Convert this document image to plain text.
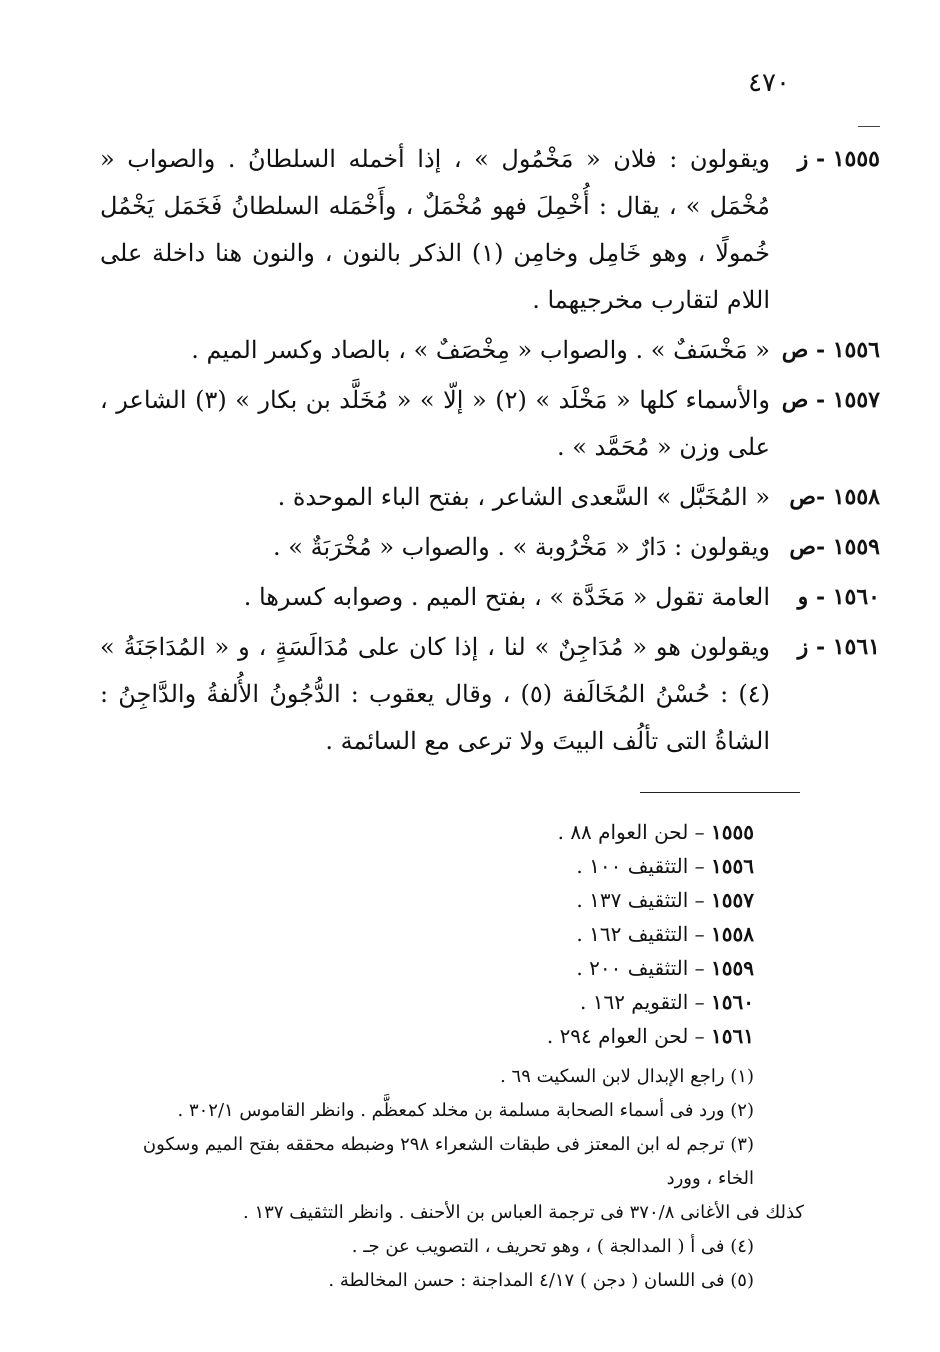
٤٧٠
١٥٥٥ - ز
ويقولون : فلان « مَخْمُول » ، إذا أخمله السلطانُ . والصواب « مُخْمَل » ، يقال : أُخْمِلَ فهو مُخْمَلٌ ، وأَخْمَله السلطانُ فَخَمَل يَخْمُل خُمولًا ، وهو خَامِل وخامِن (١) الذكر بالنون ، والنون هنا داخلة على اللام لتقارب مخرجيهما .
١٥٥٦ - ص
« مَخْسَفٌ » . والصواب « مِخْصَفٌ » ، بالصاد وكسر الميم .
١٥٥٧ - ص
والأسماء كلها « مَخْلَد » (٢) « إلّا » « مُخَلَّد بن بكار » (٣) الشاعر ، على وزن « مُحَمَّد » .
١٥٥٨ -ص
« المُخَبَّل » السَّعدى الشاعر ، بفتح الباء الموحدة .
١٥٥٩ -ص
ويقولون : دَارٌ « مَخْرُوبة » . والصواب « مُخْرَبَةٌ » .
١٥٦٠ - و
العامة تقول « مَخَدَّة » ، بفتح الميم . وصوابه كسرها .
١٥٦١ - ز
ويقولون هو « مُدَاجِنٌ » لنا ، إذا كان على مُدَالَسَةٍ ، و « المُدَاجَنَةُ » (٤) : حُسْنُ المُخَالَفة (٥) ، وقال يعقوب : الدُّجُونُ الأُلفةُ والدَّاجِنُ : الشاةُ التى تألُف البيتَ ولا ترعى مع السائمة .
١٥٥٥ – لحن العوام ٨٨ .
١٥٥٦ – التثقيف ١٠٠ .
١٥٥٧ – التثقيف ١٣٧ .
١٥٥٨ – التثقيف ١٦٢ .
١٥٥٩ – التثقيف ٢٠٠ .
١٥٦٠ – التقويم ١٦٢ .
١٥٦١ – لحن العوام ٢٩٤ .
(١) راجع الإبدال لابن السكيت ٦٩ .
(٢) ورد فى أسماء الصحابة مسلمة بن مخلد كمعظَّم . وانظر القاموس ٣٠٢/١ .
(٣) ترجم له ابن المعتز فى طبقات الشعراء ٢٩٨ وضبطه محققه بفتح الميم وسكون الخاء ، وورد
كذلك فى الأغانى ٣٧٠/٨ فى ترجمة العباس بن الأحنف . وانظر التثقيف ١٣٧ .
(٤) فى أ ( المدالجة ) ، وهو تحريف ، التصويب عن جـ .
(٥) فى اللسان ( دجن ) ٤/١٧ المداجنة : حسن المخالطة .
